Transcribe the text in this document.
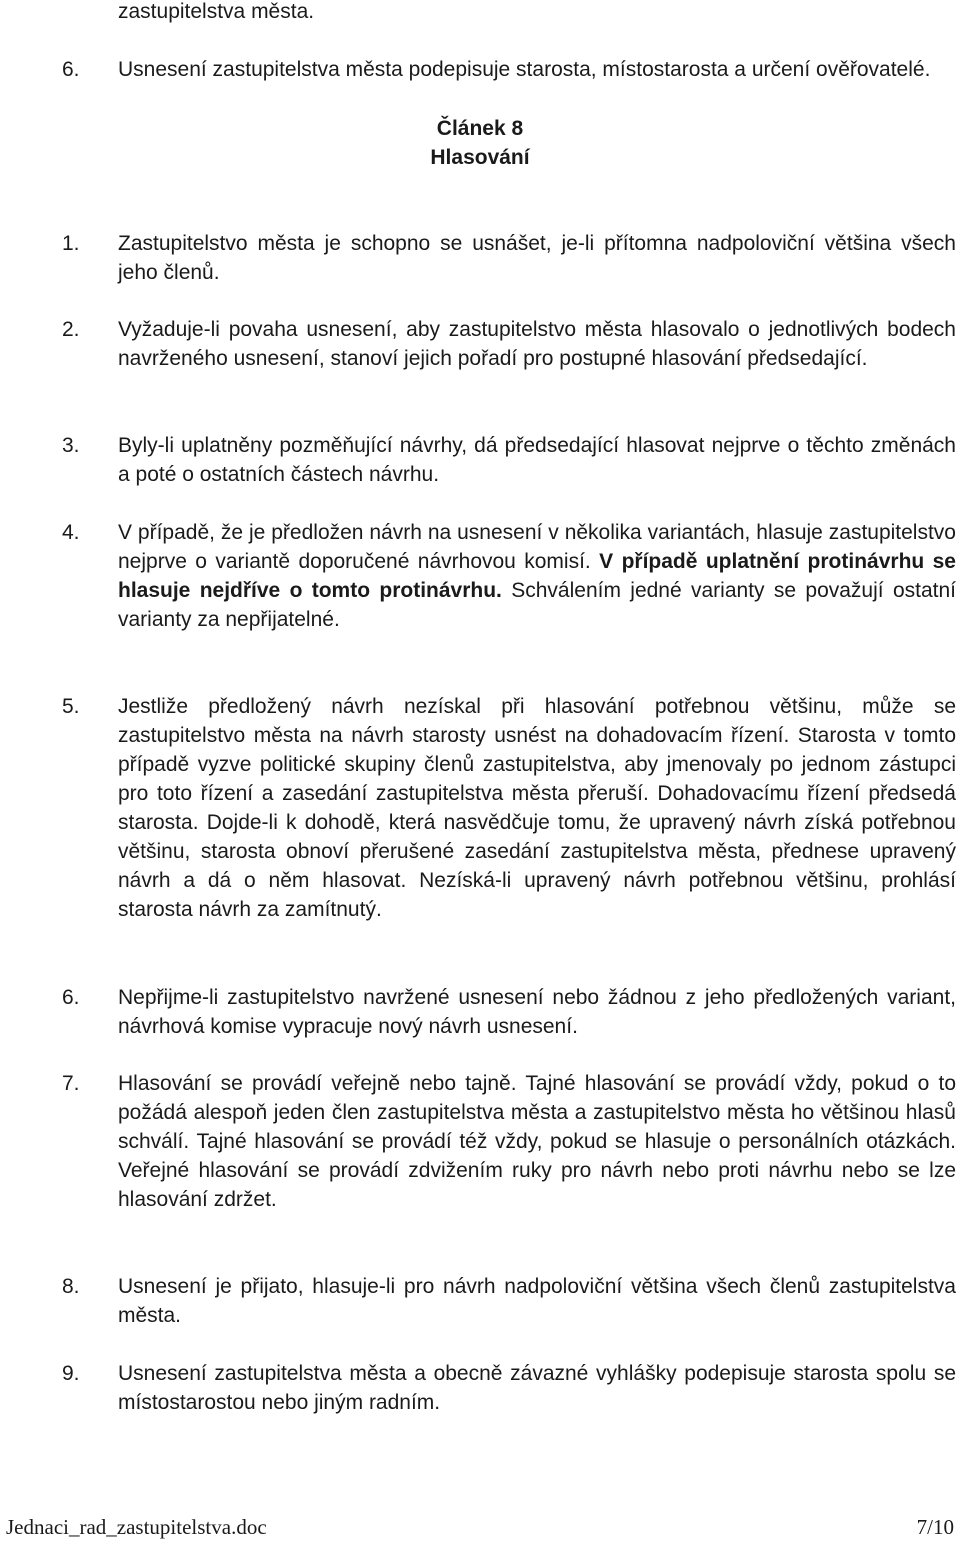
zastupitelstva města.
6. Usnesení zastupitelstva města podepisuje starosta, místostarosta a určení ověřovatelé.
Článek 8
Hlasování
1. Zastupitelstvo města je schopno se usnášet, je-li přítomna nadpoloviční většina všech jeho členů.
2. Vyžaduje-li povaha usnesení, aby zastupitelstvo města hlasovalo o jednotlivých bodech navrženého usnesení, stanoví jejich pořadí pro postupné hlasování předsedající.
3. Byly-li uplatněny pozměňující návrhy, dá předsedající hlasovat nejprve o těchto změnách a poté o ostatních částech návrhu.
4. V případě, že je předložen návrh na usnesení v několika variantách, hlasuje zastupitelstvo nejprve o variantě doporučené návrhovou komisí. V případě uplatnění protinávrhu se hlasuje nejdříve o tomto protinávrhu. Schválením jedné varianty se považují ostatní varianty za nepřijatelné.
5. Jestliže předložený návrh nezískal při hlasování potřebnou většinu, může se zastupitelstvo města na návrh starosty usnést na dohadovacím řízení. Starosta v tomto případě vyzve politické skupiny členů zastupitelstva, aby jmenovaly po jednom zástupci pro toto řízení a zasedání zastupitelstva města přeruší. Dohadovacímu řízení předsedá starosta. Dojde-li k dohodě, která nasvědčuje tomu, že upravený návrh získá potřebnou většinu, starosta obnoví přerušené zasedání zastupitelstva města, přednese upravený návrh a dá o něm hlasovat. Nezíská-li upravený návrh potřebnou většinu, prohlásí starosta návrh za zamítnutý.
6. Nepřijme-li zastupitelstvo navržené usnesení nebo žádnou z jeho předložených variant, návrhová komise vypracuje nový návrh usnesení.
7. Hlasování se provádí veřejně nebo tajně. Tajné hlasování se provádí vždy, pokud o to požádá alespoň jeden člen zastupitelstva města a zastupitelstvo města ho většinou hlasů schválí. Tajné hlasování se provádí též vždy, pokud se hlasuje o personálních otázkách. Veřejné hlasování se provádí zdvižením ruky pro návrh nebo proti návrhu nebo se lze hlasování zdržet.
8. Usnesení je přijato, hlasuje-li pro návrh nadpoloviční většina všech členů zastupitelstva města.
9. Usnesení zastupitelstva města a obecně závazné vyhlášky podepisuje starosta spolu se místostarostou nebo jiným radním.
Jednaci_rad_zastupitelstva.doc	7/10
